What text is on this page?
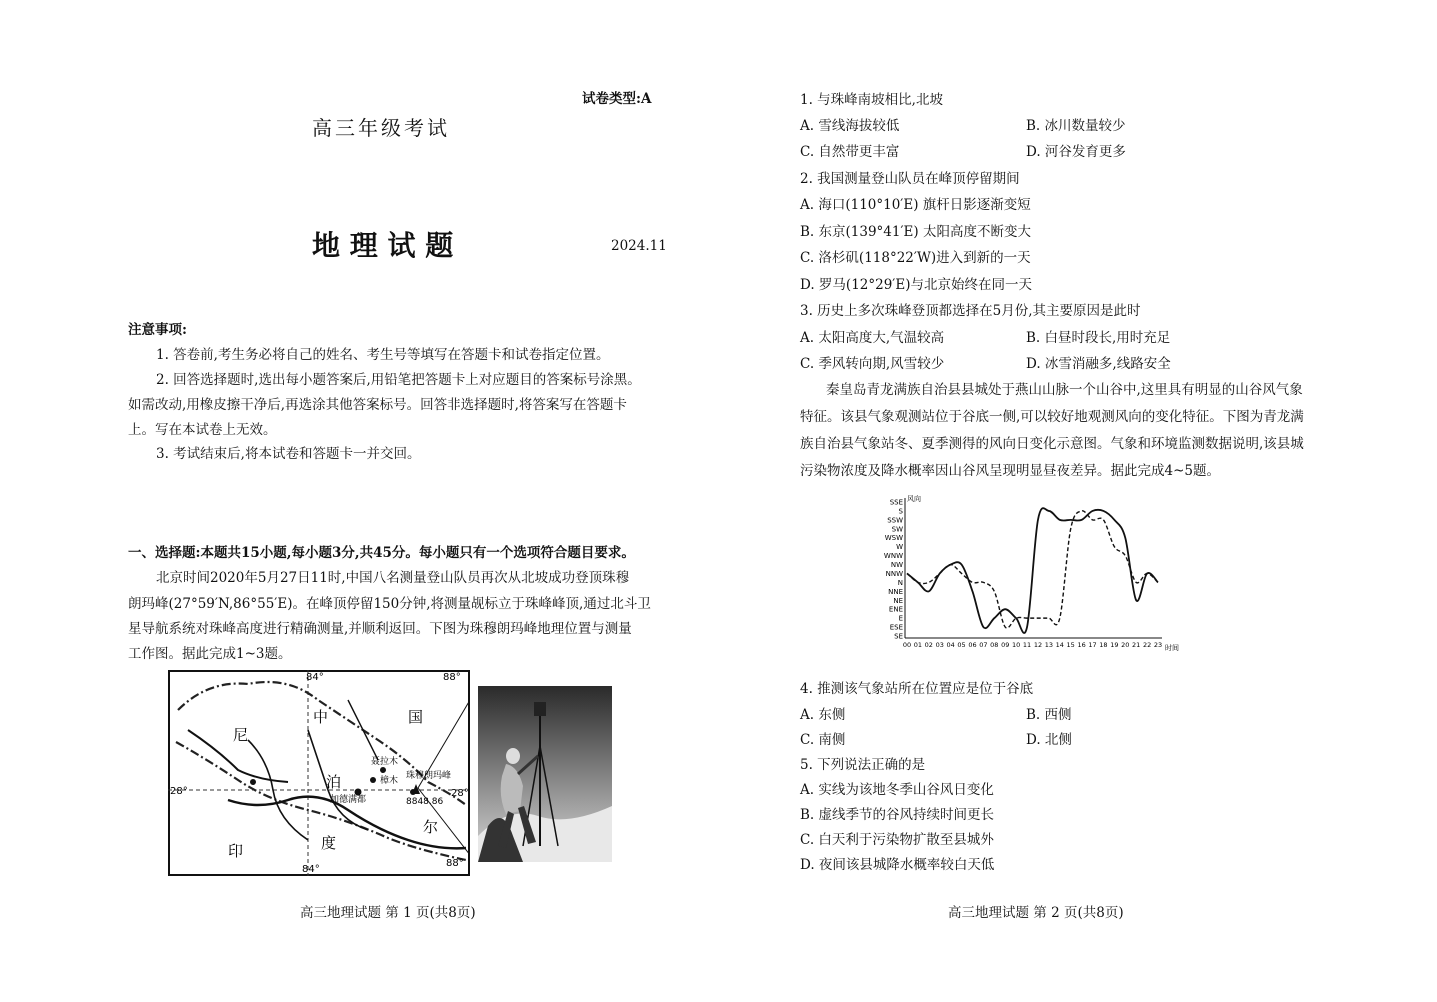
试卷类型:A
高三年级考试
地 理 试 题	2024.11
注意事项:
1. 答卷前,考生务必将自己的姓名、考生号等填写在答题卡和试卷指定位置。
2. 回答选择题时,选出每小题答案后,用铅笔把答题卡上对应题目的答案标号涂黑。
如需改动,用橡皮擦干净后,再选涂其他答案标号。回答非选择题时,将答案写在答题卡
上。写在本试卷上无效。
3. 考试结束后,将本试卷和答题卡一并交回。
一、选择题:本题共15小题,每小题3分,共45分。每小题只有一个选项符合题目要求。
北京时间2020年5月27日11时,中国八名测量登山队员再次从北坡成功登顶珠穆
朗玛峰(27°59′N,86°55′E)。在峰顶停留150分钟,将测量觇标立于珠峰峰顶,通过北斗卫
星导航系统对珠峰高度进行精确测量,并顺利返回。下图为珠穆朗玛峰地理位置与测量
工作图。据此完成1~3题。
84°	88°
84°
88°
28°	28°
中	国
尼
泊
尔
印	度
聂拉木
樟木
加德满都
珠穆朗玛峰
8848.86
高三地理试题 第 1 页(共8页)
1. 与珠峰南坡相比,北坡
A. 雪线海拔较低	B. 冰川数量较少
C. 自然带更丰富	D. 河谷发育更多
2. 我国测量登山队员在峰顶停留期间
A. 海口(110°10′E) 旗杆日影逐渐变短
B. 东京(139°41′E) 太阳高度不断变大
C. 洛杉矶(118°22′W)进入到新的一天
D. 罗马(12°29′E)与北京始终在同一天
3. 历史上多次珠峰登顶都选择在5月份,其主要原因是此时
A. 太阳高度大,气温较高	B. 白昼时段长,用时充足
C. 季风转向期,风雪较少	D. 冰雪消融多,线路安全
秦皇岛青龙满族自治县县城处于燕山山脉一个山谷中,这里具有明显的山谷风气象
特征。该县气象观测站位于谷底一侧,可以较好地观测风向的变化特征。下图为青龙满
族自治县气象站冬、夏季测得的风向日变化示意图。气象和环境监测数据说明,该县城
污染物浓度及降水概率因山谷风呈现明显昼夜差异。据此完成4~5题。
SSE
S
SSW
SW
WSW
W
WNW
NW
NNW
N
NNE
NE
ENE
E
ESE
SE
00 01 02 03 04 05 06 07 08 09 10 11 12 13 14 15 16 17 18 19 20 21 22 23
风向
时间
4. 推测该气象站所在位置应是位于谷底
A. 东侧	B. 西侧
C. 南侧	D. 北侧
5. 下列说法正确的是
A. 实线为该地冬季山谷风日变化
B. 虚线季节的谷风持续时间更长
C. 白天利于污染物扩散至县城外
D. 夜间该县城降水概率较白天低
高三地理试题 第 2 页(共8页)
